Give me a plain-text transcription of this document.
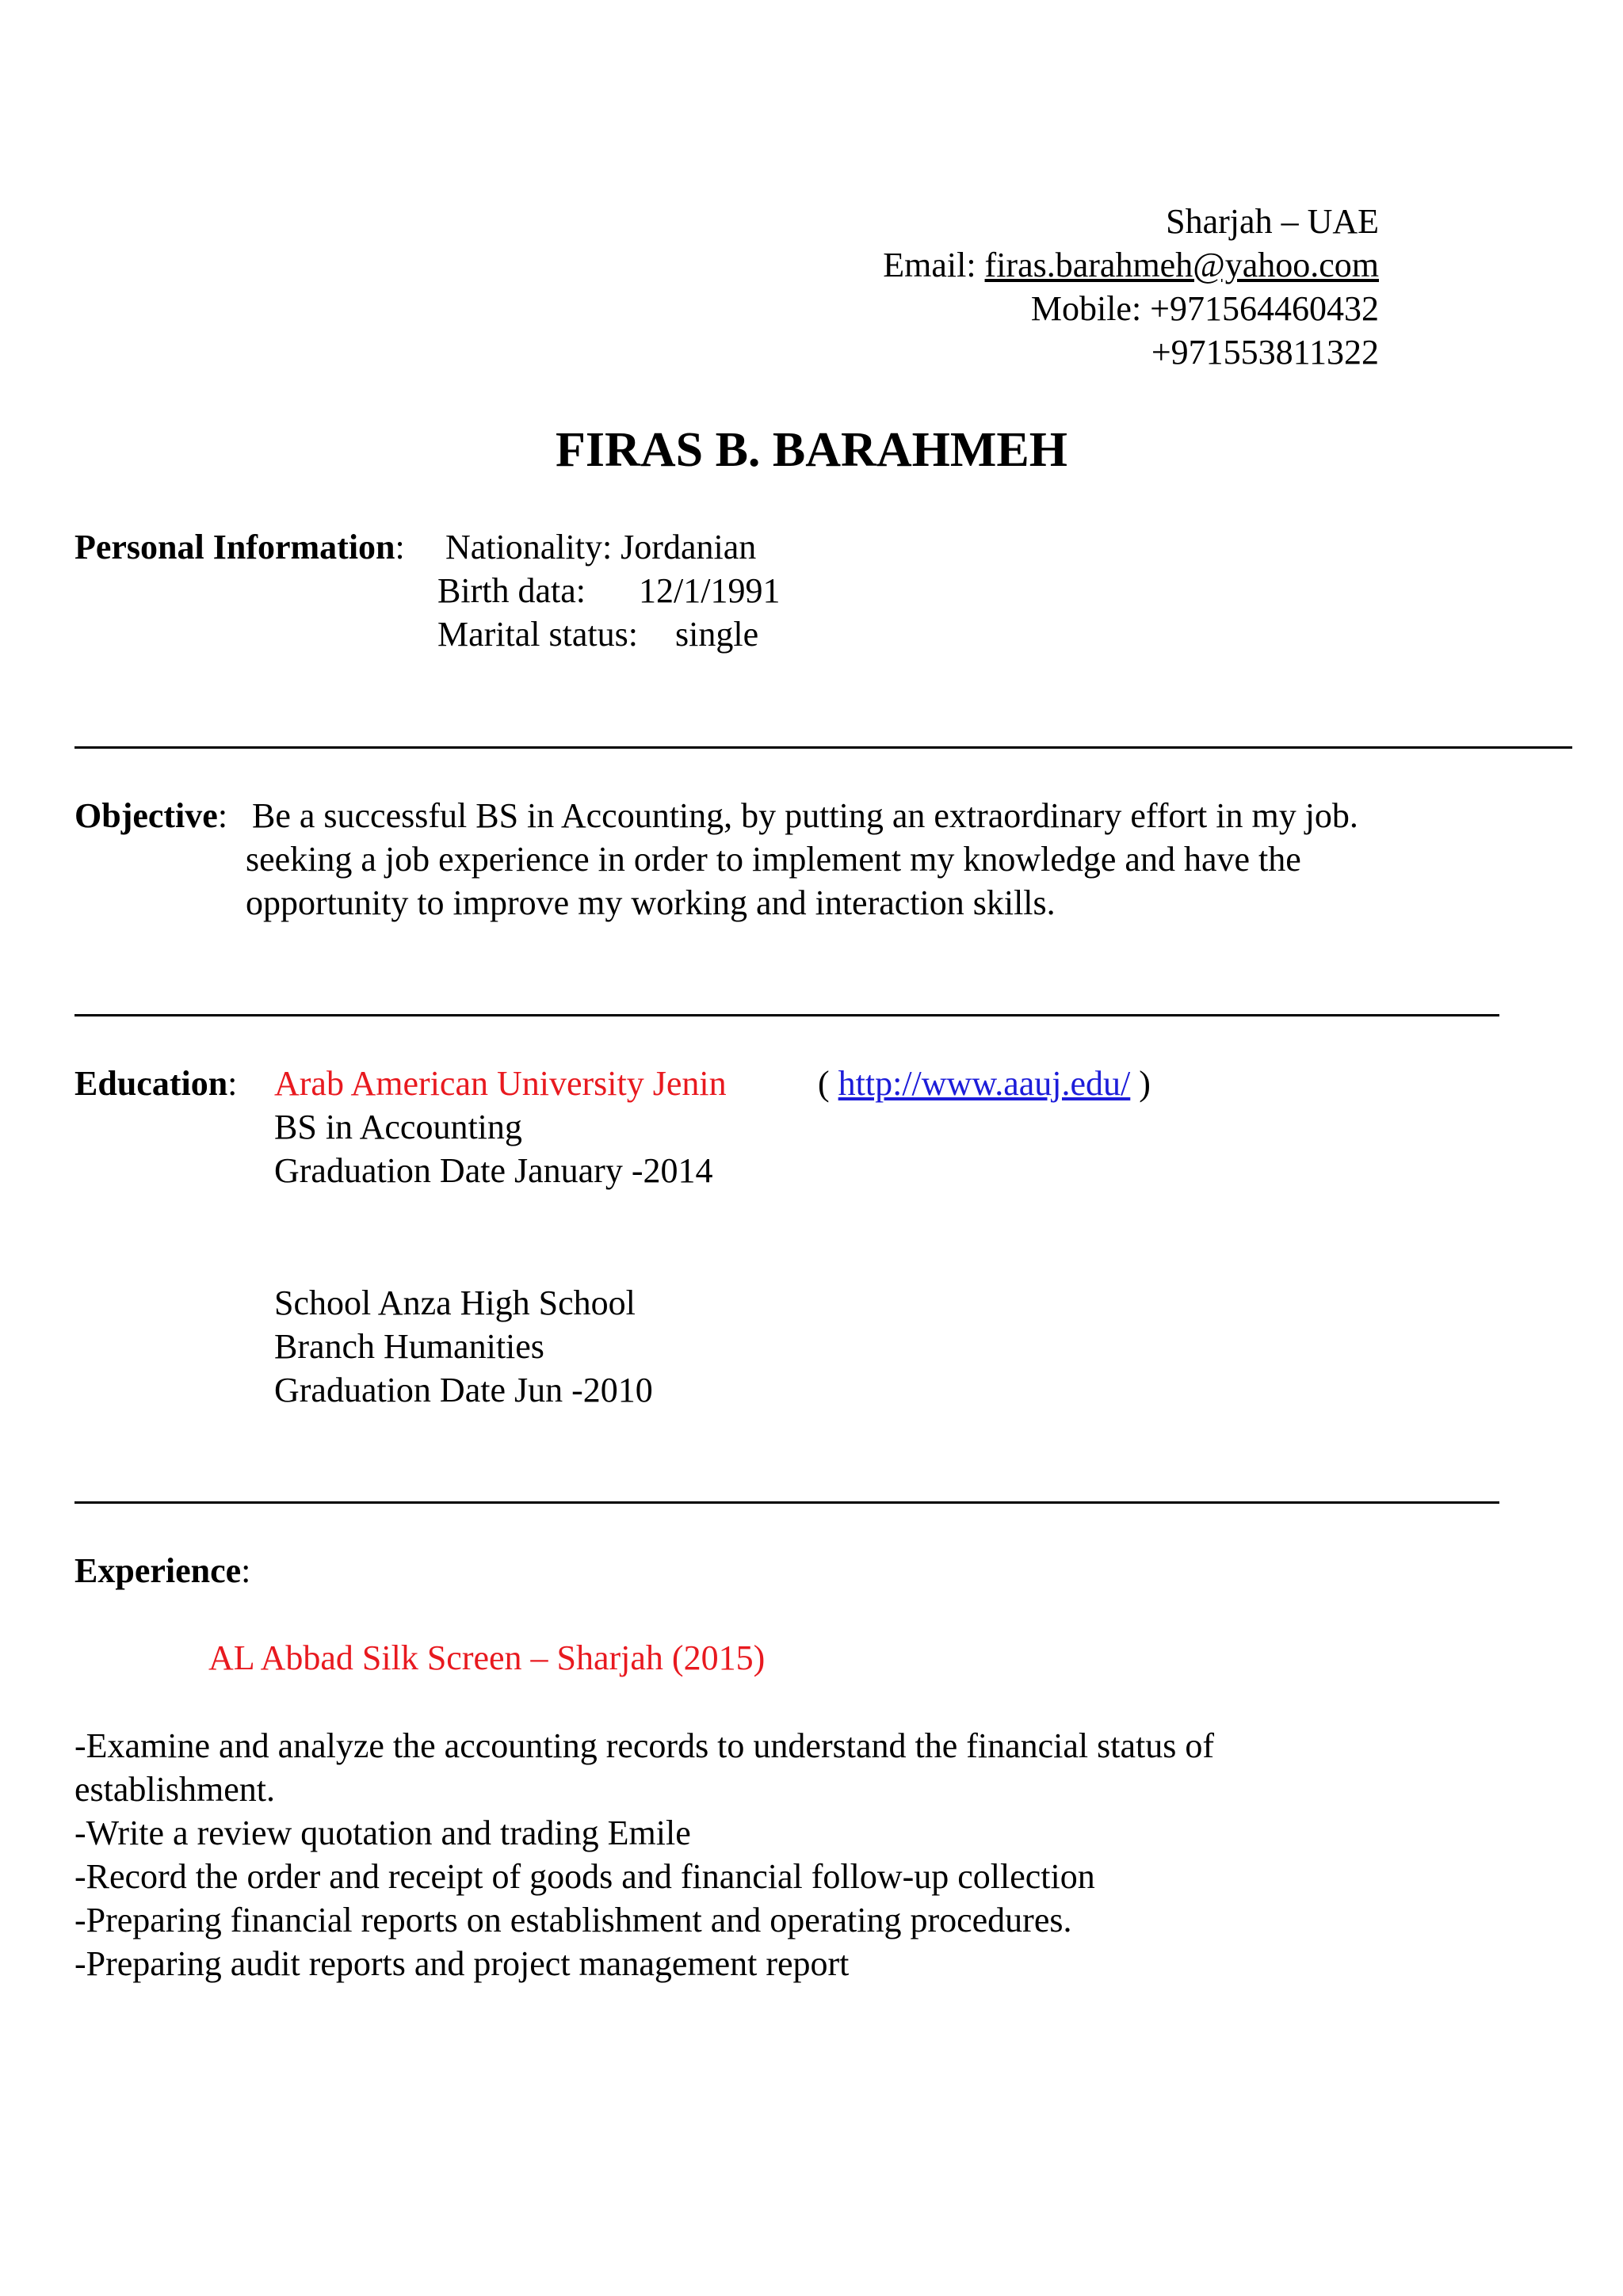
Sharjah – UAE
Email: firas.barahmeh@yahoo.com
Mobile: +971564460432
+971553811322
FIRAS B. BARAHMEH
Personal Information: Nationality: Jordanian
Birth data: 12/1/1991
Marital status: single
Objective: Be a successful BS in Accounting, by putting an extraordinary effort in my job.
seeking a job experience in order to implement my knowledge and have the
opportunity to improve my working and interaction skills.
Education: Arab American University Jenin	( http://www.aauj.edu/ )
BS in Accounting
Graduation Date January -2014
School Anza High School
Branch Humanities
Graduation Date Jun -2010
Experience:
AL Abbad Silk Screen – Sharjah (2015)
-Examine and analyze the accounting records to understand the financial status of
establishment.
-Write a review quotation and trading Emile
-Record the order and receipt of goods and financial follow-up collection
-Preparing financial reports on establishment and operating procedures.
-Preparing audit reports and project management report
